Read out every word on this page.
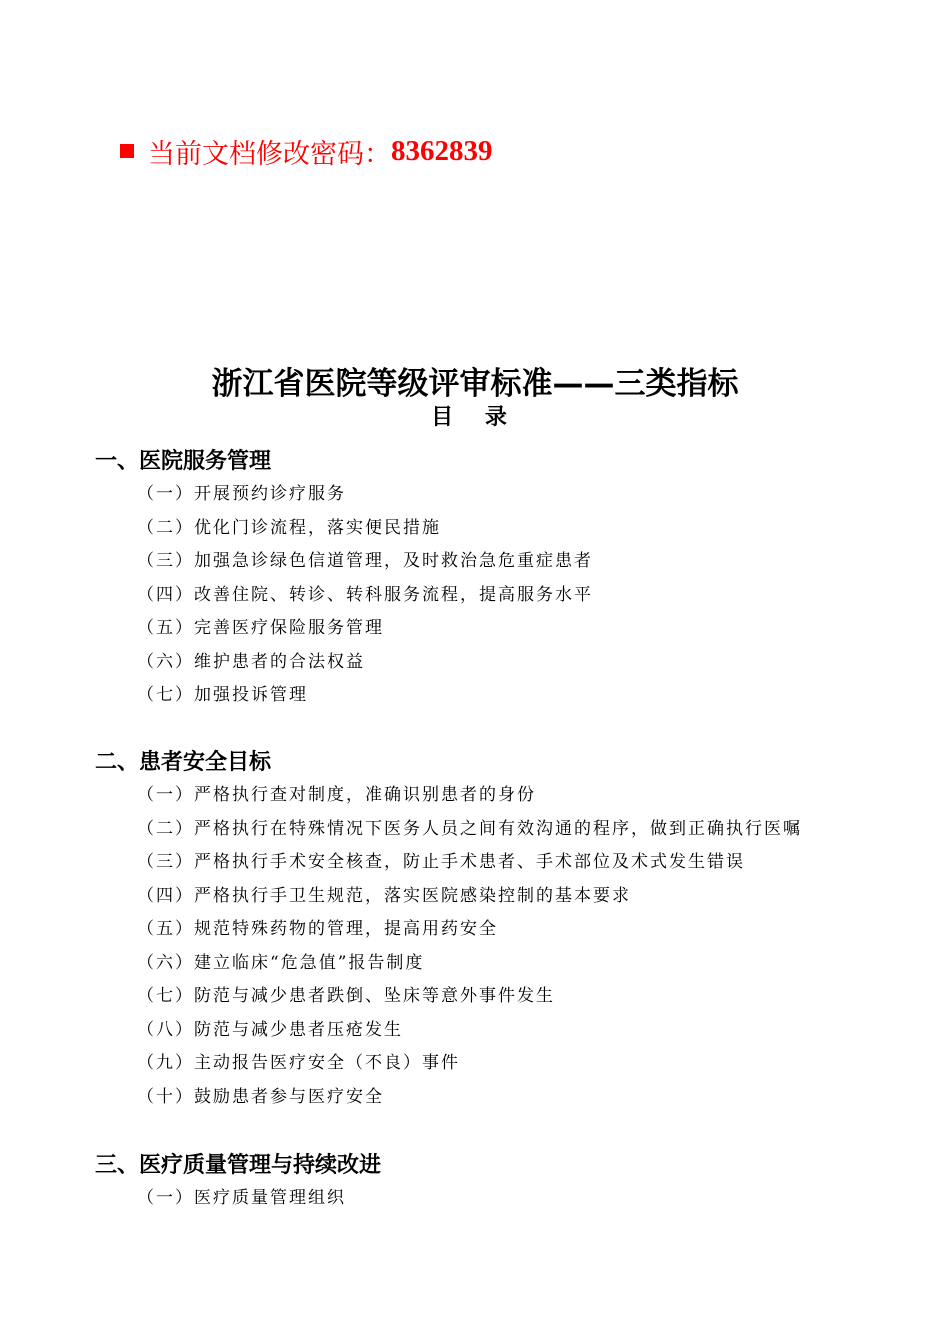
当前文档修改密码： 8362839
浙江省医院等级评审标准——三类指标
目 录
一、医院服务管理
（一）开展预约诊疗服务
（二）优化门诊流程，落实便民措施
（三）加强急诊绿色信道管理，及时救治急危重症患者
（四）改善住院、转诊、转科服务流程，提高服务水平
（五）完善医疗保险服务管理
（六）维护患者的合法权益
（七）加强投诉管理
二、患者安全目标
（一）严格执行查对制度，准确识别患者的身份
（二）严格执行在特殊情况下医务人员之间有效沟通的程序，做到正确执行医嘱
（三）严格执行手术安全核查，防止手术患者、手术部位及术式发生错误
（四）严格执行手卫生规范，落实医院感染控制的基本要求
（五）规范特殊药物的管理，提高用药安全
（六）建立临床“危急值”报告制度
（七）防范与减少患者跌倒、坠床等意外事件发生
（八）防范与减少患者压疮发生
（九）主动报告医疗安全（不良）事件
（十）鼓励患者参与医疗安全
三、医疗质量管理与持续改进
（一）医疗质量管理组织
